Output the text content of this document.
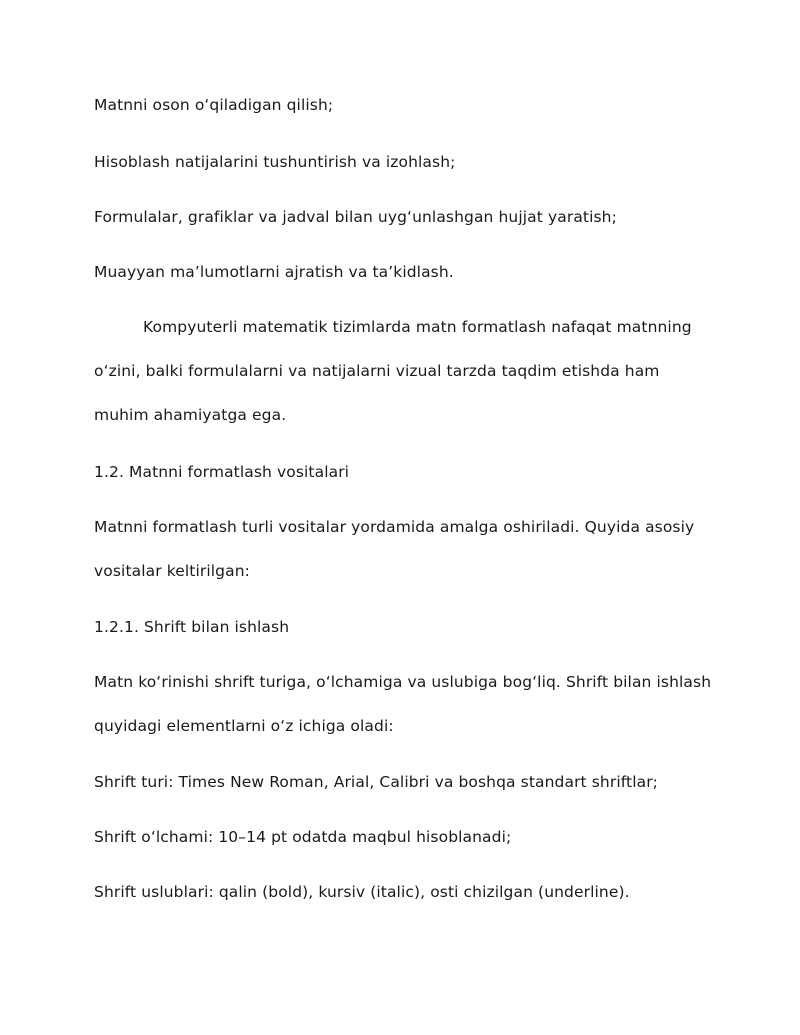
Matnni oson oʻqiladigan qilish;

Hisoblash natijalarini tushuntirish va izohlash;

Formulalar, grafiklar va jadval bilan uygʻunlashgan hujjat yaratish;

Muayyan maʼlumotlarni ajratish va taʼkidlash.

Kompyuterli matematik tizimlarda matn formatlash nafaqat matnning

oʻzini, balki formulalarni va natijalarni vizual tarzda taqdim etishda ham

muhim ahamiyatga ega.

1.2. Matnni formatlash vositalari

Matnni formatlash turli vositalar yordamida amalga oshiriladi. Quyida asosiy

vositalar keltirilgan:

1.2.1. Shrift bilan ishlash

Matn koʻrinishi shrift turiga, oʻlchamiga va uslubiga bogʻliq. Shrift bilan ishlash

quyidagi elementlarni oʻz ichiga oladi:

Shrift turi: Times New Roman, Arial, Calibri va boshqa standart shriftlar;

Shrift oʻlchami: 10–14 pt odatda maqbul hisoblanadi;

Shrift uslublari: qalin (bold), kursiv (italic), osti chizilgan (underline).
